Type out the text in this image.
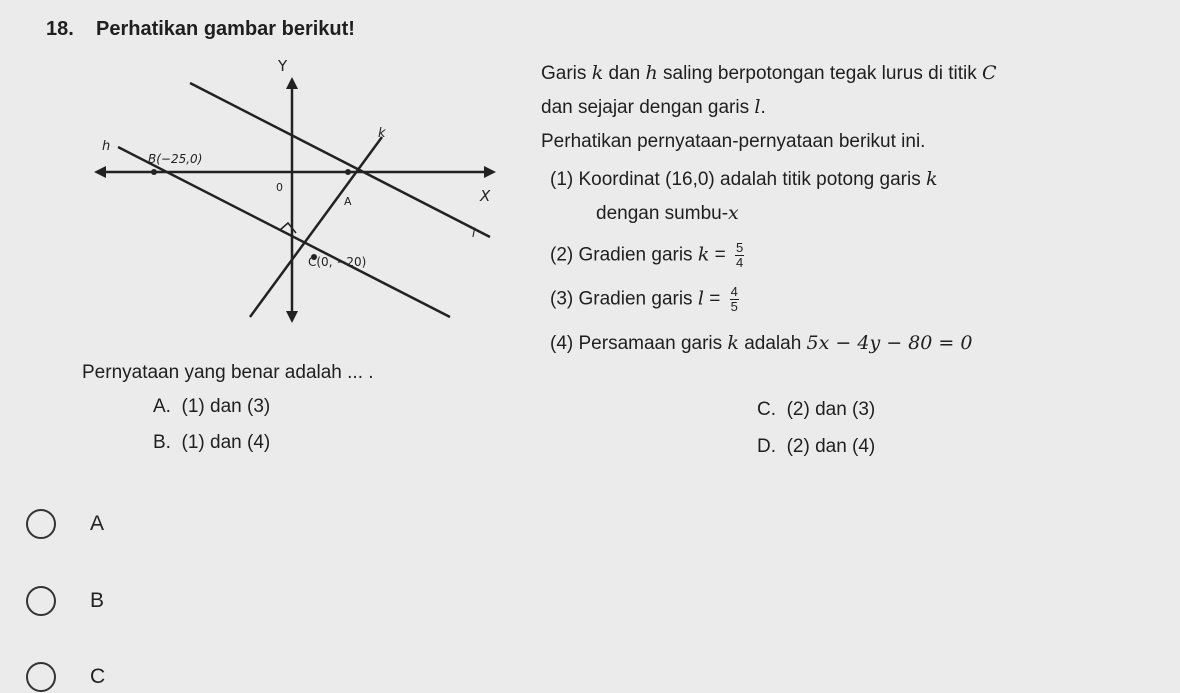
18. Perhatikan gambar berikut!
Y
X
0
B(−25,0)
A
C(0, −20)
h
k
l
Garis k dan h saling berpotongan tegak lurus di titik C
dan sejajar dengan garis l.
Perhatikan pernyataan-pernyataan berikut ini.
(1) Koordinat (16,0) adalah titik potong garis k
dengan sumbu-x
(2) Gradien garis $k = \frac{5}{4}$
(3) Gradien garis $l = \frac{4}{5}$
(4) Persamaan garis k adalah 5x − 4y − 80 = 0
Pernyataan yang benar adalah ... .
A. (1) dan (3)
B. (1) dan (4)
C. (2) dan (3)
D. (2) dan (4)
A
B
C
